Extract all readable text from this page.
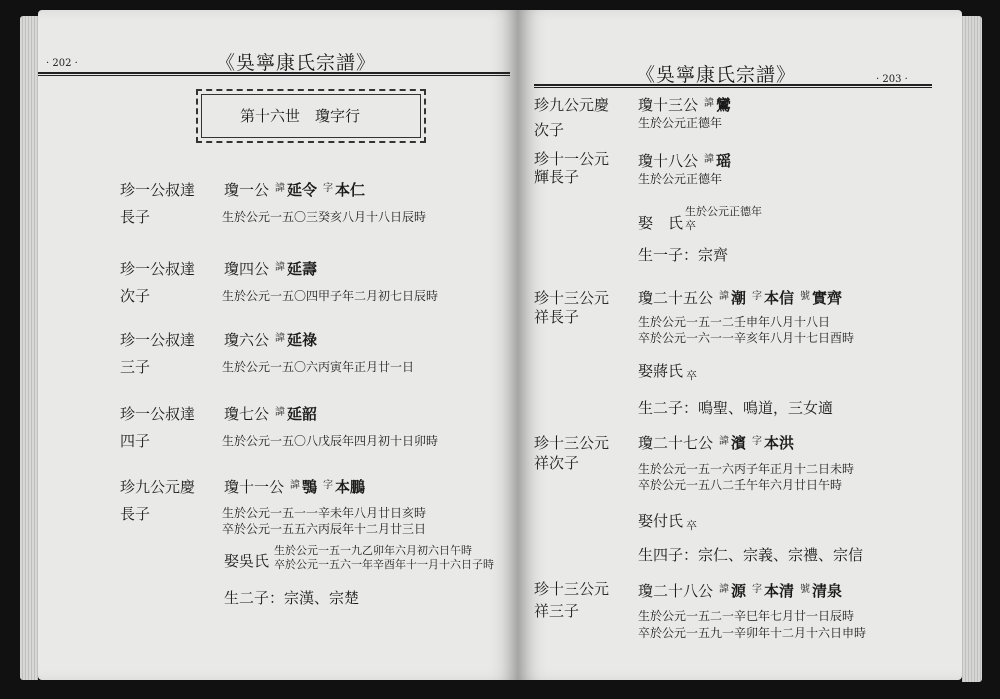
· 202 ·	《吳寧康氏宗譜》
第十六世　瓊字行
珍一公叔達
長子
瓊一公 $^諱$ 延令 $^字$ 本仁
生於公元一五〇三癸亥八月十八日辰時
珍一公叔達
次子
瓊四公 $^諱$ 延壽
生於公元一五〇四甲子年二月初七日辰時
珍一公叔達
三子
瓊六公 $^諱$ 延祿
生於公元一五〇六丙寅年正月廿一日
珍一公叔達
四子
瓊七公 $^諱$ 延韶
生於公元一五〇八戊辰年四月初十日卯時
珍九公元慶
長子
瓊十一公 $^諱$ 鶚 $^字$ 本鵬
生於公元一五一一辛未年八月廿日亥時
卒於公元一五五六丙辰年十二月廿三日
娶吳氏
生於公元一五一九乙卯年六月初六日午時
卒於公元一五六一年辛酉年十一月十六日子時
生二子：宗漢、宗楚
《吳寧康氏宗譜》	· 203 ·
珍九公元慶
次子
瓊十三公 $^諱$ 鸞
生於公元正德年
珍十一公元
輝長子
瓊十八公 $^諱$ 瑶
生於公元正德年
娶　氏
生於公元正德年
卒
生一子：宗齊
珍十三公元
祥長子
瓊二十五公 $^諱$ 潮 $^字$ 本信 $^號$ 實齊
生於公元一五一二壬申年八月十八日
卒於公元一六一一辛亥年八月十七日酉時
娶蔣氏 卒
生二子：鳴聖、鳴道，三女適
珍十三公元
祥次子
瓊二十七公 $^諱$ 濱 $^字$ 本洪
生於公元一五一六丙子年正月十二日未時
卒於公元一五八二壬午年六月廿日午時
娶付氏 卒
生四子：宗仁、宗義、宗禮、宗信
珍十三公元
祥三子
瓊二十八公 $^諱$ 源 $^字$ 本清 $^號$ 清泉
生於公元一五二一辛巳年七月廿一日辰時
卒於公元一五九一辛卯年十二月十六日申時
